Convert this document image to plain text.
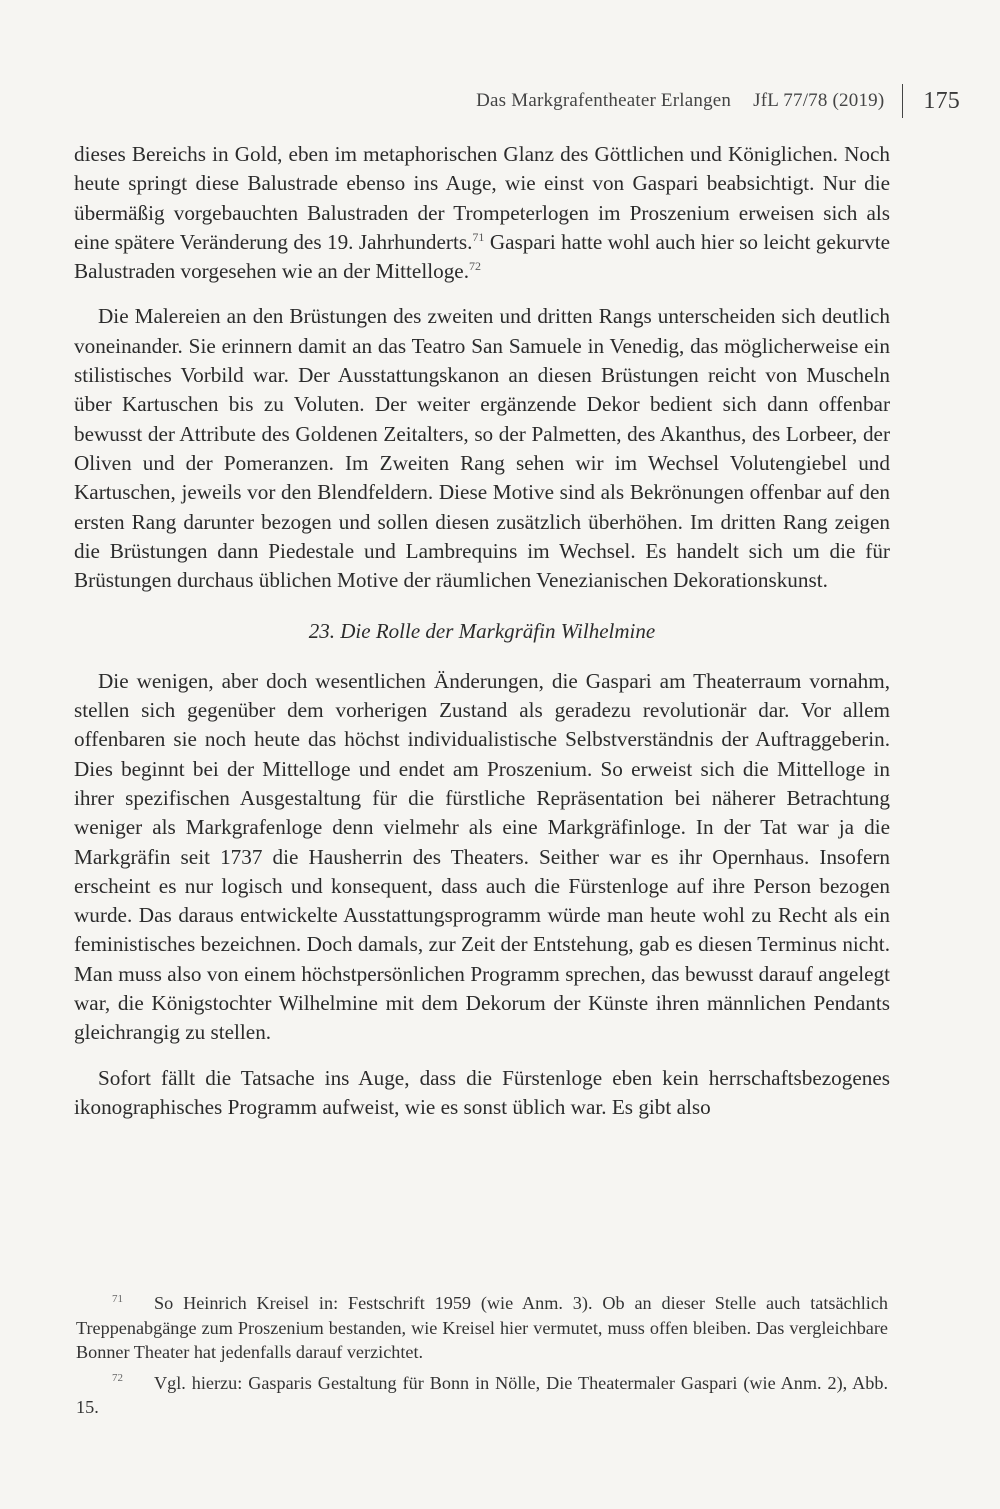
Das Markgrafentheater Erlangen JfL 77/78 (2019) 175

dieses Bereichs in Gold, eben im metaphorischen Glanz des Göttlichen und Königlichen. Noch heute springt diese Balustrade ebenso ins Auge, wie einst von Gaspari beabsichtigt. Nur die übermäßig vorgebauchten Balustraden der Trompeterlogen im Proszenium erweisen sich als eine spätere Veränderung des 19. Jahrhunderts.$^{71}$ Gaspari hatte wohl auch hier so leicht gekurvte Balustraden vorgesehen wie an der Mittelloge.$^{72}$

Die Malereien an den Brüstungen des zweiten und dritten Rangs unterscheiden sich deutlich voneinander. Sie erinnern damit an das Teatro San Samuele in Venedig, das möglicherweise ein stilistisches Vorbild war. Der Ausstattungskanon an diesen Brüstungen reicht von Muscheln über Kartuschen bis zu Voluten. Der weiter ergänzende Dekor bedient sich dann offenbar bewusst der Attribute des Goldenen Zeitalters, so der Palmetten, des Akanthus, des Lorbeer, der Oliven und der Pomeranzen. Im Zweiten Rang sehen wir im Wechsel Volutengiebel und Kartuschen, jeweils vor den Blendfeldern. Diese Motive sind als Bekrönungen offenbar auf den ersten Rang darunter bezogen und sollen diesen zusätzlich überhöhen. Im dritten Rang zeigen die Brüstungen dann Piedestale und Lambrequins im Wechsel. Es handelt sich um die für Brüstungen durchaus üblichen Motive der räumlichen Venezianischen Dekorationskunst.

23. Die Rolle der Markgräfin Wilhelmine

Die wenigen, aber doch wesentlichen Änderungen, die Gaspari am Theaterraum vornahm, stellen sich gegenüber dem vorherigen Zustand als geradezu revolutionär dar. Vor allem offenbaren sie noch heute das höchst individualistische Selbstverständnis der Auftraggeberin. Dies beginnt bei der Mittelloge und endet am Proszenium. So erweist sich die Mittelloge in ihrer spezifischen Ausgestaltung für die fürstliche Repräsentation bei näherer Betrachtung weniger als Markgrafenloge denn vielmehr als eine Markgräfinloge. In der Tat war ja die Markgräfin seit 1737 die Hausherrin des Theaters. Seither war es ihr Opernhaus. Insofern erscheint es nur logisch und konsequent, dass auch die Fürstenloge auf ihre Person bezogen wurde. Das daraus entwickelte Ausstattungsprogramm würde man heute wohl zu Recht als ein feministisches bezeichnen. Doch damals, zur Zeit der Entstehung, gab es diesen Terminus nicht. Man muss also von einem höchstpersönlichen Programm sprechen, das bewusst darauf angelegt war, die Königstochter Wilhelmine mit dem Dekorum der Künste ihren männlichen Pendants gleichrangig zu stellen.

Sofort fällt die Tatsache ins Auge, dass die Fürstenloge eben kein herrschaftsbezogenes ikonographisches Programm aufweist, wie es sonst üblich war. Es gibt also

71 So Heinrich Kreisel in: Festschrift 1959 (wie Anm. 3). Ob an dieser Stelle auch tatsächlich Treppenabgänge zum Proszenium bestanden, wie Kreisel hier vermutet, muss offen bleiben. Das vergleichbare Bonner Theater hat jedenfalls darauf verzichtet.
72 Vgl. hierzu: Gasparis Gestaltung für Bonn in Nölle, Die Theatermaler Gaspari (wie Anm. 2), Abb. 15.
